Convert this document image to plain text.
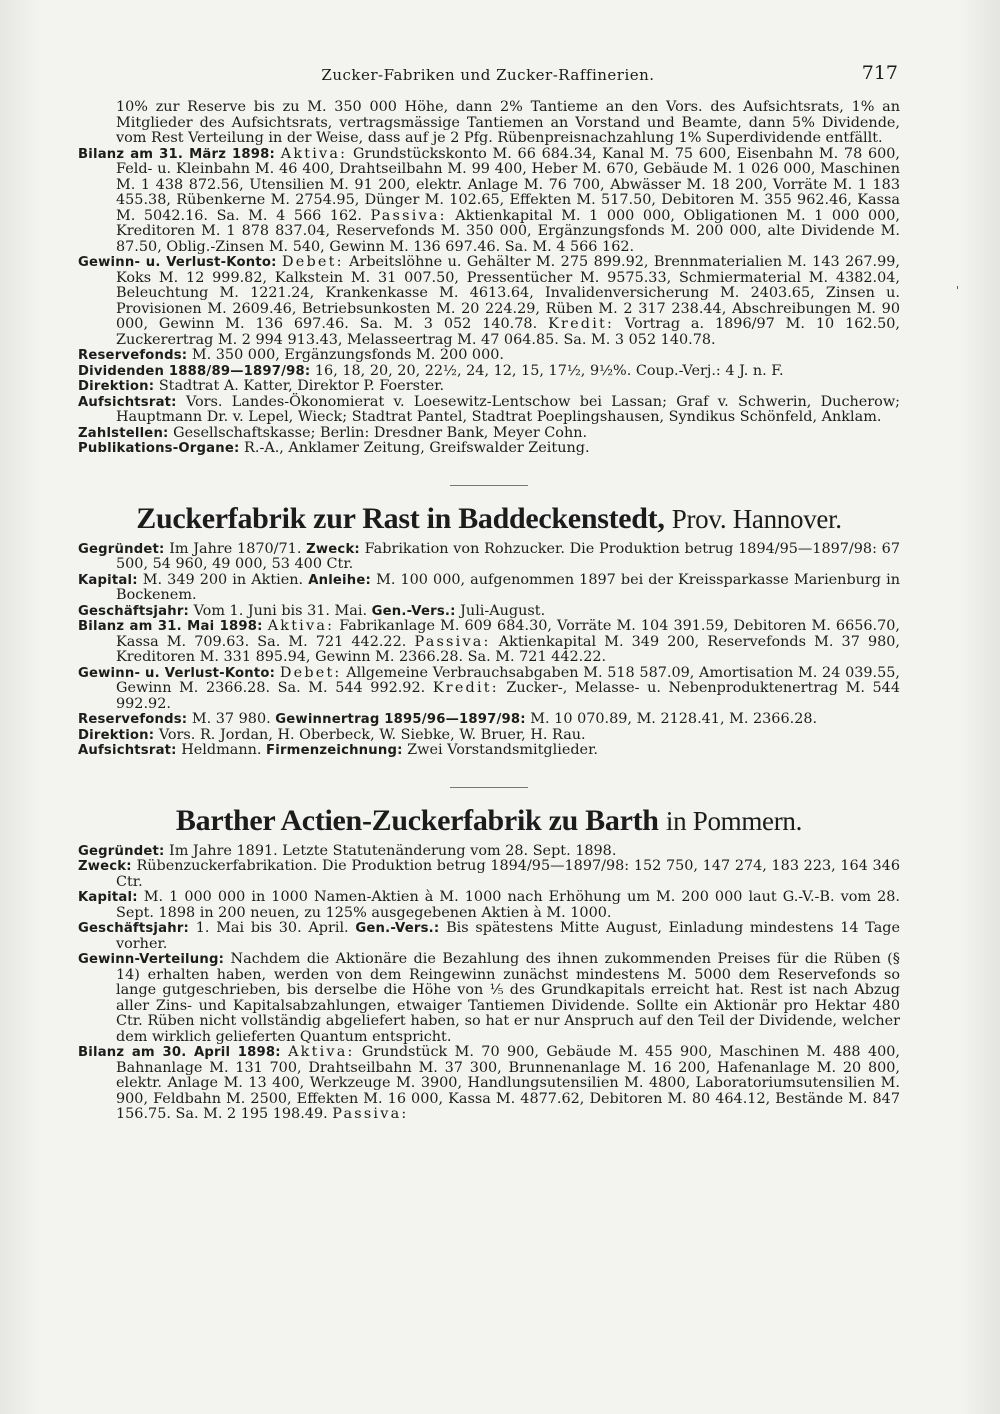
Zucker-Fabriken und Zucker-Raffinerien.	717
'

10% zur Reserve bis zu M. 350 000 Höhe, dann 2% Tantieme an den Vors. des Aufsichtsrats, 1% an Mitglieder des Aufsichtsrats, vertragsmässige Tantiemen an Vorstand und Beamte, dann 5% Dividende, vom Rest Verteilung in der Weise, dass auf je 2 Pfg. Rübenpreisnachzahlung 1% Superdividende entfällt.

Bilanz am 31. März 1898: Aktiva: Grundstückskonto M. 66 684.34, Kanal M. 75 600, Eisenbahn M. 78 600, Feld- u. Kleinbahn M. 46 400, Drahtseilbahn M. 99 400, Heber M. 670, Gebäude M. 1 026 000, Maschinen M. 1 438 872.56, Utensilien M. 91 200, elektr. Anlage M. 76 700, Abwässer M. 18 200, Vorräte M. 1 183 455.38, Rübenkerne M. 2754.95, Dünger M. 102.65, Effekten M. 517.50, Debitoren M. 355 962.46, Kassa M. 5042.16. Sa. M. 4 566 162. Passiva: Aktienkapital M. 1 000 000, Obligationen M. 1 000 000, Kreditoren M. 1 878 837.04, Reservefonds M. 350 000, Ergänzungsfonds M. 200 000, alte Dividende M. 87.50, Oblig.-Zinsen M. 540, Gewinn M. 136 697.46. Sa. M. 4 566 162.

Gewinn- u. Verlust-Konto: Debet: Arbeitslöhne u. Gehälter M. 275 899.92, Brennmaterialien M. 143 267.99, Koks M. 12 999.82, Kalkstein M. 31 007.50, Pressentücher M. 9575.33, Schmiermaterial M. 4382.04, Beleuchtung M. 1221.24, Krankenkasse M. 4613.64, Invalidenversicherung M. 2403.65, Zinsen u. Provisionen M. 2609.46, Betriebsunkosten M. 20 224.29, Rüben M. 2 317 238.44, Abschreibungen M. 90 000, Gewinn M. 136 697.46. Sa. M. 3 052 140.78. Kredit: Vortrag a. 1896/97 M. 10 162.50, Zuckerertrag M. 2 994 913.43, Melasseertrag M. 47 064.85. Sa. M. 3 052 140.78.

Reservefonds: M. 350 000, Ergänzungsfonds M. 200 000.

Dividenden 1888/89—1897/98: 16, 18, 20, 20, 22½, 24, 12, 15, 17½, 9½%. Coup.-Verj.: 4 J. n. F.

Direktion: Stadtrat A. Katter, Direktor P. Foerster.

Aufsichtsrat: Vors. Landes-Ökonomierat v. Loesewitz-Lentschow bei Lassan; Graf v. Schwerin, Ducherow; Hauptmann Dr. v. Lepel, Wieck; Stadtrat Pantel, Stadtrat Poeplingshausen, Syndikus Schönfeld, Anklam.

Zahlstellen: Gesellschaftskasse; Berlin: Dresdner Bank, Meyer Cohn.

Publikations-Organe: R.-A., Anklamer Zeitung, Greifswalder Zeitung.

Zuckerfabrik zur Rast in Baddeckenstedt, Prov. Hannover.

Gegründet: Im Jahre 1870/71. Zweck: Fabrikation von Rohzucker. Die Produktion betrug 1894/95—1897/98: 67 500, 54 960, 49 000, 53 400 Ctr.

Kapital: M. 349 200 in Aktien. Anleihe: M. 100 000, aufgenommen 1897 bei der Kreissparkasse Marienburg in Bockenem.

Geschäftsjahr: Vom 1. Juni bis 31. Mai. Gen.-Vers.: Juli-August.

Bilanz am 31. Mai 1898: Aktiva: Fabrikanlage M. 609 684.30, Vorräte M. 104 391.59, Debitoren M. 6656.70, Kassa M. 709.63. Sa. M. 721 442.22. Passiva: Aktienkapital M. 349 200, Reservefonds M. 37 980, Kreditoren M. 331 895.94, Gewinn M. 2366.28. Sa. M. 721 442.22.

Gewinn- u. Verlust-Konto: Debet: Allgemeine Verbrauchsabgaben M. 518 587.09, Amortisation M. 24 039.55, Gewinn M. 2366.28. Sa. M. 544 992.92. Kredit: Zucker-, Melasse- u. Nebenproduktenertrag M. 544 992.92.

Reservefonds: M. 37 980. Gewinnertrag 1895/96—1897/98: M. 10 070.89, M. 2128.41, M. 2366.28.

Direktion: Vors. R. Jordan, H. Oberbeck, W. Siebke, W. Bruer, H. Rau.

Aufsichtsrat: Heldmann. Firmenzeichnung: Zwei Vorstandsmitglieder.

Barther Actien-Zuckerfabrik zu Barth in Pommern.

Gegründet: Im Jahre 1891. Letzte Statutenänderung vom 28. Sept. 1898.

Zweck: Rübenzuckerfabrikation. Die Produktion betrug 1894/95—1897/98: 152 750, 147 274, 183 223, 164 346 Ctr.

Kapital: M. 1 000 000 in 1000 Namen-Aktien à M. 1000 nach Erhöhung um M. 200 000 laut G.-V.-B. vom 28. Sept. 1898 in 200 neuen, zu 125% ausgegebenen Aktien à M. 1000.

Geschäftsjahr: 1. Mai bis 30. April. Gen.-Vers.: Bis spätestens Mitte August, Einladung mindestens 14 Tage vorher.

Gewinn-Verteilung: Nachdem die Aktionäre die Bezahlung des ihnen zukommenden Preises für die Rüben (§ 14) erhalten haben, werden von dem Reingewinn zunächst mindestens M. 5000 dem Reservefonds so lange gutgeschrieben, bis derselbe die Höhe von ⅕ des Grundkapitals erreicht hat. Rest ist nach Abzug aller Zins- und Kapitalsabzahlungen, etwaiger Tantiemen Dividende. Sollte ein Aktionär pro Hektar 480 Ctr. Rüben nicht vollständig abgeliefert haben, so hat er nur Anspruch auf den Teil der Dividende, welcher dem wirklich gelieferten Quantum entspricht.

Bilanz am 30. April 1898: Aktiva: Grundstück M. 70 900, Gebäude M. 455 900, Maschinen M. 488 400, Bahnanlage M. 131 700, Drahtseilbahn M. 37 300, Brunnenanlage M. 16 200, Hafenanlage M. 20 800, elektr. Anlage M. 13 400, Werkzeuge M. 3900, Handlungsutensilien M. 4800, Laboratoriumsutensilien M. 900, Feldbahn M. 2500, Effekten M. 16 000, Kassa M. 4877.62, Debitoren M. 80 464.12, Bestände M. 847 156.75. Sa. M. 2 195 198.49. Passiva:
